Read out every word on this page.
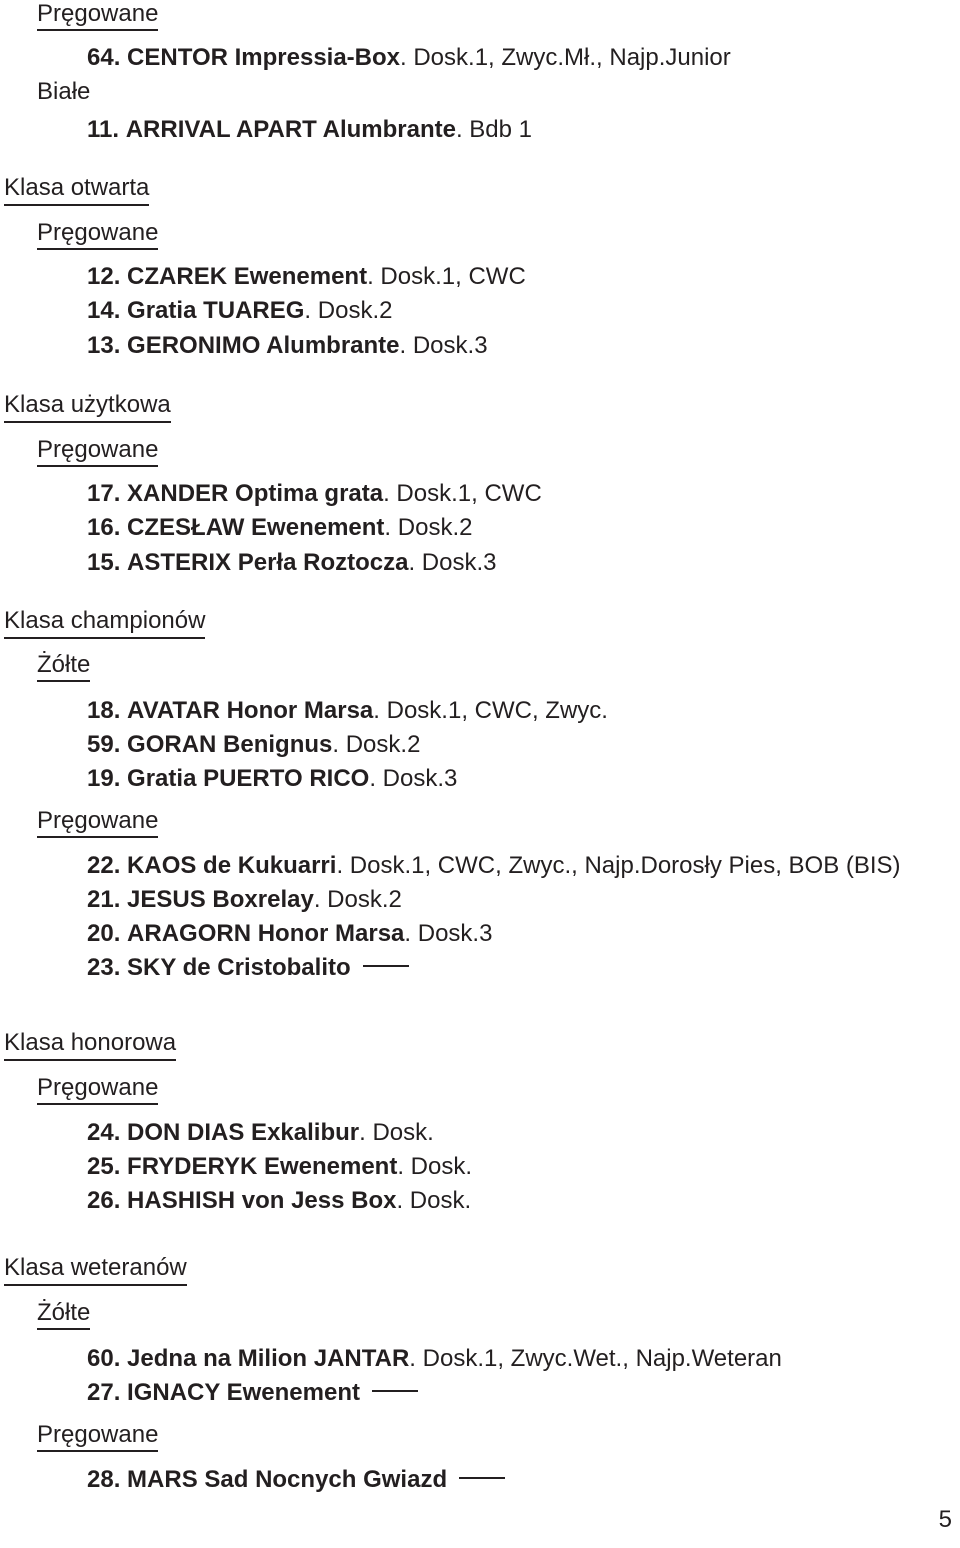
Pręgowane
64. CENTOR Impressia-Box. Dosk.1, Zwyc.Mł., Najp.Junior
Białe
11. ARRIVAL APART Alumbrante. Bdb 1
Klasa otwarta
Pręgowane
12. CZAREK Ewenement. Dosk.1, CWC
14. Gratia TUAREG. Dosk.2
13. GERONIMO Alumbrante. Dosk.3
Klasa użytkowa
Pręgowane
17. XANDER Optima grata. Dosk.1, CWC
16. CZESŁAW Ewenement. Dosk.2
15. ASTERIX Perła Roztocza. Dosk.3
Klasa championów
Żółte
18. AVATAR Honor Marsa. Dosk.1, CWC, Zwyc.
59. GORAN Benignus. Dosk.2
19. Gratia PUERTO RICO. Dosk.3
Pręgowane
22. KAOS de Kukuarri. Dosk.1, CWC, Zwyc., Najp.Dorosły Pies, BOB (BIS)
21. JESUS Boxrelay. Dosk.2
20. ARAGORN Honor Marsa. Dosk.3
23. SKY de Cristobalito
Klasa honorowa
Pręgowane
24. DON DIAS Exkalibur. Dosk.
25. FRYDERYK Ewenement. Dosk.
26. HASHISH von Jess Box. Dosk.
Klasa weteranów
Żółte
60. Jedna na Milion JANTAR. Dosk.1, Zwyc.Wet., Najp.Weteran
27. IGNACY Ewenement
Pręgowane
28. MARS Sad Nocnych Gwiazd
5
